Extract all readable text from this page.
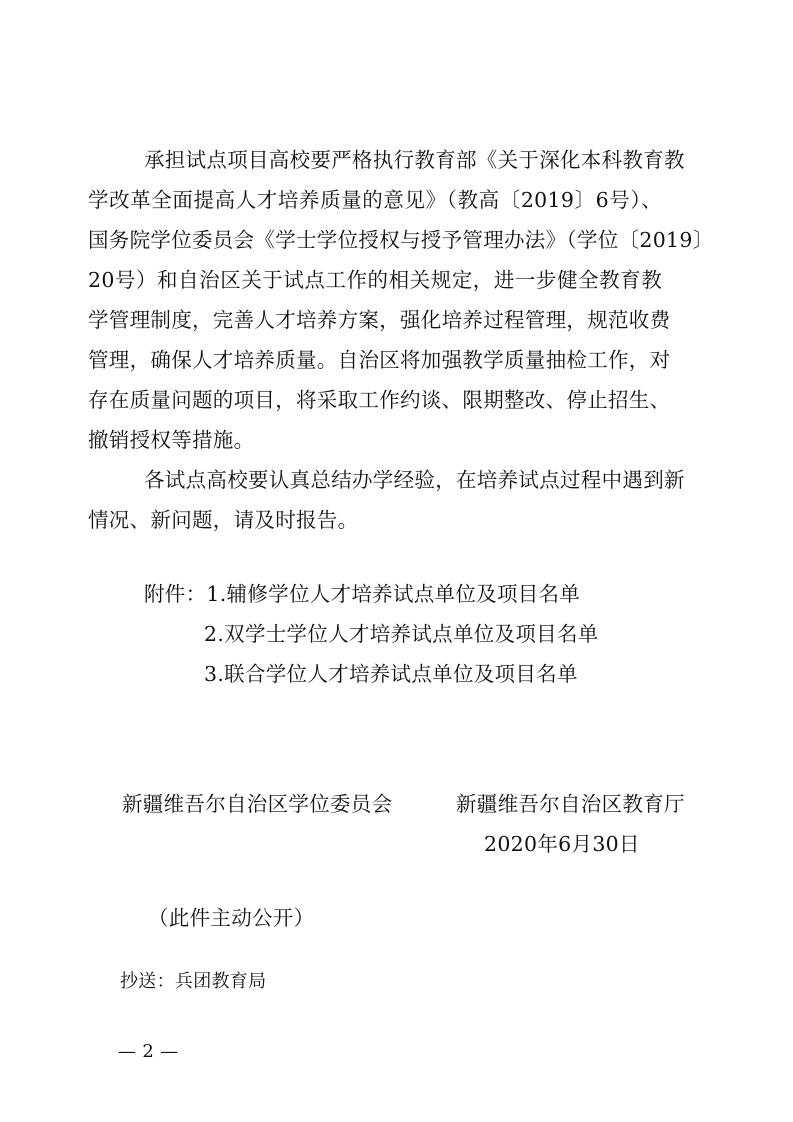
承担试点项目高校要严格执行教育部《关于深化本科教育教
学改革全面提高人才培养质量的意见》（教高〔2019〕6号）、
国务院学位委员会《学士学位授权与授予管理办法》（学位〔2019〕
20号）和自治区关于试点工作的相关规定，进一步健全教育教
学管理制度，完善人才培养方案，强化培养过程管理，规范收费
管理，确保人才培养质量。自治区将加强教学质量抽检工作，对
存在质量问题的项目，将采取工作约谈、限期整改、停止招生、
撤销授权等措施。
各试点高校要认真总结办学经验，在培养试点过程中遇到新
情况、新问题，请及时报告。
附件：1.辅修学位人才培养试点单位及项目名单
2.双学士学位人才培养试点单位及项目名单
3.联合学位人才培养试点单位及项目名单
新疆维吾尔自治区学位委员会	新疆维吾尔自治区教育厅
2020年6月30日
（此件主动公开）
抄送：兵团教育局
— 2 —
